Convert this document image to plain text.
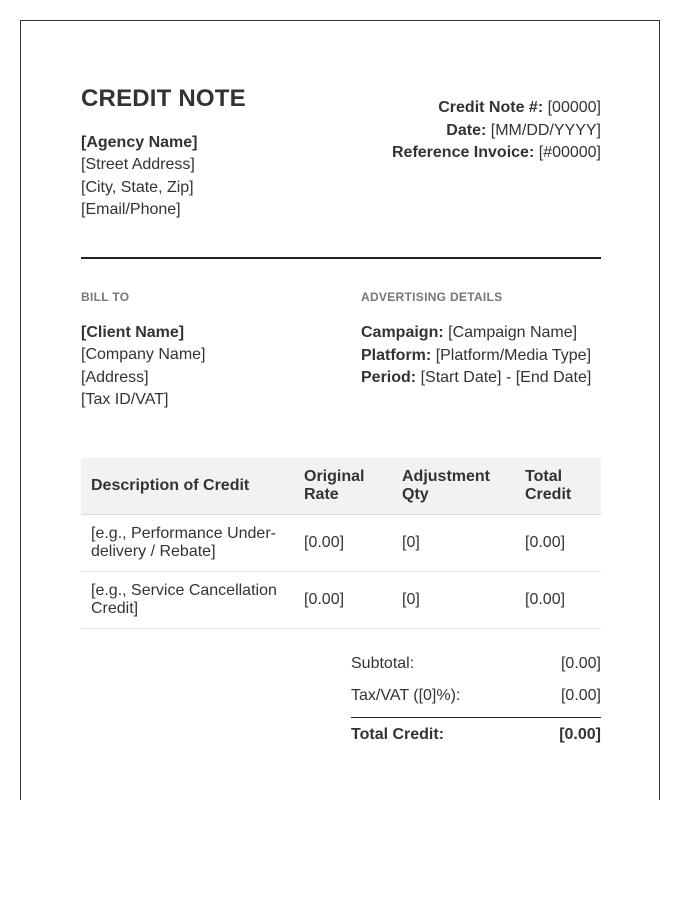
CREDIT NOTE
[Agency Name]
[Street Address]
[City, State, Zip]
[Email/Phone]
Credit Note #: [00000]
Date: [MM/DD/YYYY]
Reference Invoice: [#00000]
BILL TO	ADVERTISING DETAILS
[Client Name]
[Company Name]
[Address]
[Tax ID/VAT]
Campaign: [Campaign Name]
Platform: [Platform/Media Type]
Period: [Start Date] - [End Date]
Description of Credit	Original Rate	Adjustment Qty	Total Credit
[e.g., Performance Under-delivery / Rebate]	[0.00]	[0]	[0.00]
[e.g., Service Cancellation Credit]	[0.00]	[0]	[0.00]
Subtotal:	[0.00]
Tax/VAT ([0]%):	[0.00]
Total Credit:	[0.00]
